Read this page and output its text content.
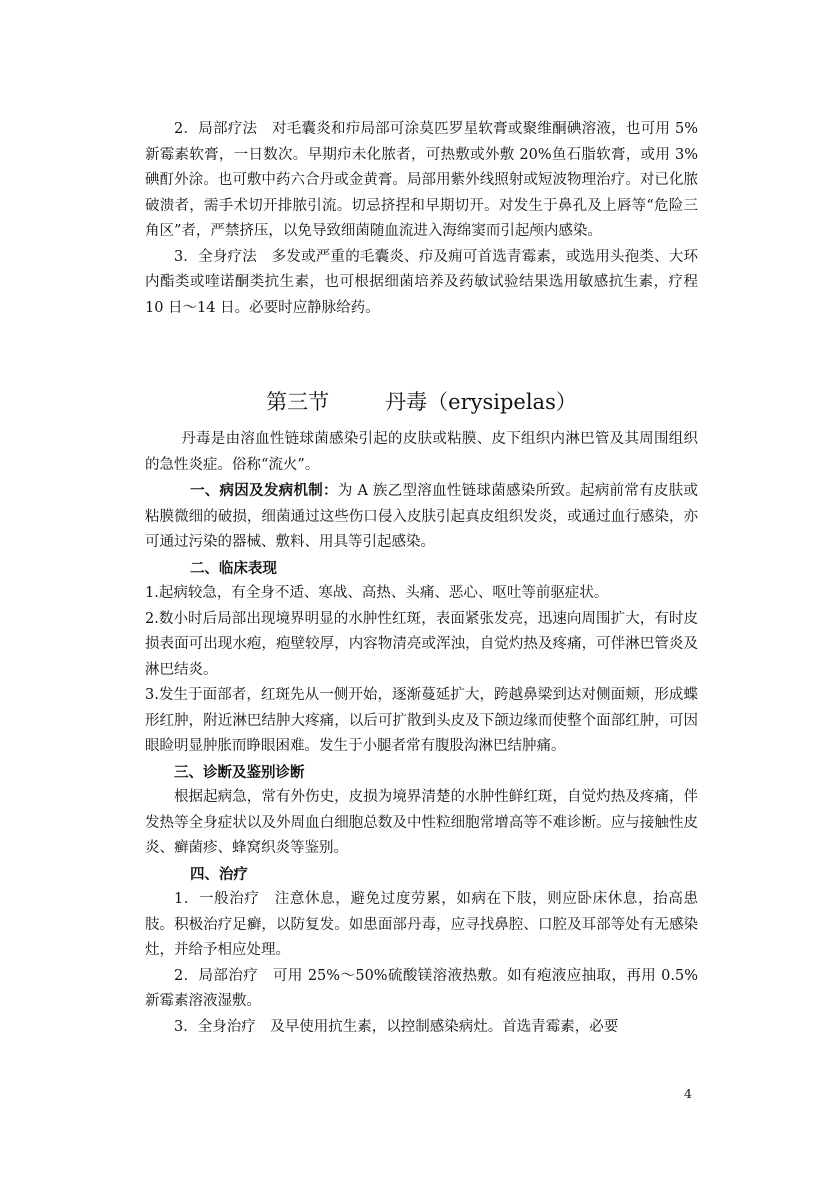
2．局部疗法　对毛囊炎和疖局部可涂莫匹罗星软膏或聚维酮碘溶液，也可用 5%新霉素软膏，一日数次。早期疖未化脓者，可热敷或外敷 20%鱼石脂软膏，或用 3%碘酊外涂。也可敷中药六合丹或金黄膏。局部用紫外线照射或短波物理治疗。对已化脓破溃者，需手术切开排脓引流。切忌挤捏和早期切开。对发生于鼻孔及上唇等“危险三角区”者，严禁挤压，以免导致细菌随血流进入海绵窦而引起颅内感染。

3．全身疗法　多发或严重的毛囊炎、疖及痈可首选青霉素，或选用头孢类、大环内酯类或喹诺酮类抗生素，也可根据细菌培养及药敏试验结果选用敏感抗生素，疗程 10 日～14 日。必要时应静脉给药。

第三节	丹毒（erysipelas）

丹毒是由溶血性链球菌感染引起的皮肤或粘膜、皮下组织内淋巴管及其周围组织的急性炎症。俗称“流火”。

一、病因及发病机制：为 A 族乙型溶血性链球菌感染所致。起病前常有皮肤或粘膜微细的破损，细菌通过这些伤口侵入皮肤引起真皮组织发炎，或通过血行感染，亦可通过污染的器械、敷料、用具等引起感染。

二、临床表现

1.起病较急，有全身不适、寒战、高热、头痛、恶心、呕吐等前驱症状。

2.数小时后局部出现境界明显的水肿性红斑，表面紧张发亮，迅速向周围扩大，有时皮损表面可出现水疱，疱壁较厚，内容物清亮或浑浊，自觉灼热及疼痛，可伴淋巴管炎及淋巴结炎。

3.发生于面部者，红斑先从一侧开始，逐渐蔓延扩大，跨越鼻梁到达对侧面颊，形成蝶形红肿，附近淋巴结肿大疼痛，以后可扩散到头皮及下颌边缘而使整个面部红肿，可因眼睑明显肿胀而睁眼困难。发生于小腿者常有腹股沟淋巴结肿痛。

三、诊断及鉴别诊断

根据起病急，常有外伤史，皮损为境界清楚的水肿性鲜红斑，自觉灼热及疼痛，伴发热等全身症状以及外周血白细胞总数及中性粒细胞常增高等不难诊断。应与接触性皮炎、癣菌疹、蜂窝织炎等鉴别。

四、治疗

1．一般治疗　注意休息，避免过度劳累，如病在下肢，则应卧床休息，抬高患肢。积极治疗足癣，以防复发。如患面部丹毒，应寻找鼻腔、口腔及耳部等处有无感染灶，并给予相应处理。

2．局部治疗　可用 25%～50%硫酸镁溶液热敷。如有疱液应抽取，再用 0.5%新霉素溶液湿敷。

3．全身治疗　及早使用抗生素，以控制感染病灶。首选青霉素，必要

4
